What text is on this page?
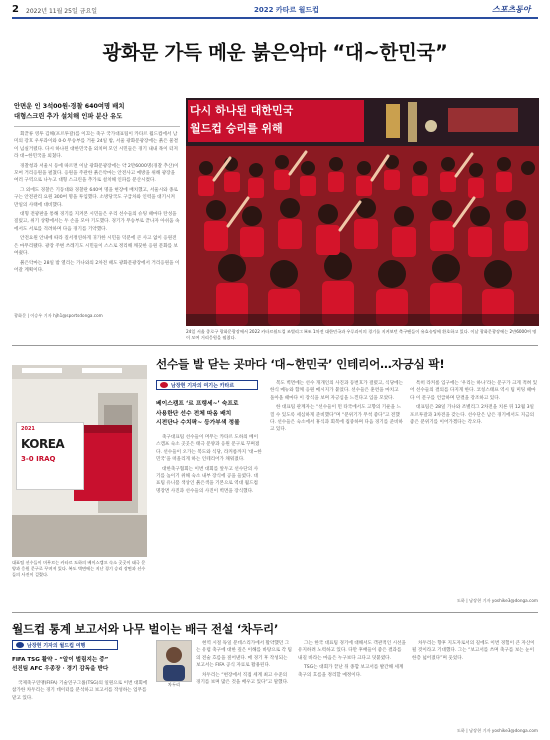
2 2022년 11월 25일 금요일	2022 카타르 월드컵	스포츠동아
광화문 가득 메운 붉은악마 “대~한민국”
안면운 인 3석00원·경찰 640여명 배치
대형스크린 추가 설치해 인파 분산 유도

회끝류 영투 김해(포르투갈)를 이끄는 축구 국가대표팀이 카타르 월드컵에서 남미의 강호 우루과이와 0-0 무승부를 거둔 24일 밤, 서울 광화문광장에는 붉은 물결이 넘실거렸다. 다시 하나된 대한민국을 외치며 모인 시민들은 경기 내내 목이 터져라 대~한민국을 외쳤다.

경찰청과 서울시 등에 따르면 이날 광화문광장에는 약 2만6000명(경찰 추산)이 모여 거리응원을 펼쳤다. 응원을 주관한 붉은악마는 안전사고 예방을 위해 광장을 여러 구역으로 나누고 대형 스크린을 추가로 설치해 인파를 분산시켰다.

그 외에도 경찰은 기동대와 경찰관 640여 명을 현장에 배치했고, 서울시와 종로구는 안전관리 요원 300여 명을 투입했다. 소방당국도 구급차와 인력을 대기시켜 만일의 사태에 대비했다.

대형 전광판을 통해 경기를 지켜본 시민들은 우리 선수들의 슈팅 때마다 탄성을 질렀고, 위기 상황에서는 두 손을 모아 기도했다. 경기가 무승부로 끝나자 아쉬움 속에서도 서로를 격려하며 다음 경기를 기약했다.

안전요원 안내에 따라 질서정연하게 귀가한 시민들 덕분에 큰 사고 없이 응원전은 마무리됐다. 광장 주변 쓰레기도 시민들이 스스로 정리해 깨끗한 응원 문화를 보여줬다.

붉은악마는 28일 밤 열리는 가나와의 2차전 때도 광화문광장에서 거리응원을 이어갈 계획이다.

광화문 | 이승우 기자 hjh1@sportsdonga.com
다시 하나된 대한민국
월드컵 승리를 위해
24일 서울 종로구 광화문광장에서 2022 카타르월드컵 조별리그 H조 1차전 대한민국과 우루과이의 경기를 지켜보던 축구팬들이 유효슈팅에 환호하고 있다. 이날 광화문광장에는 2만6000여 명이 모여 거리응원을 펼쳤다.
2021
KOREA
3-0 IRAQ
대표팀 선수들이 머무르는 카타르 도하의 베이스캠프 숙소 곳곳이 태극 문양과 응원 문구로 꾸며져 있다. 복도 벽면에는 지난 경기 승리 장면과 선수들의 사진이 걸렸다.
선수들 발 닫는 곳마다 ‘대~한민국’ 인테리어…자긍심 팍!
남장현 기자의 여기는 카타르
베이스캠프 ‘르 프랭세~’ 숙프로
사용한단 선수 전체 따옴 배치
시전단나 수치팍~ 등가부색 정볼

축구대표팀 선수들이 머무는 카타르 도하의 베이스캠프 숙소 곳곳은 태극 문양과 응원 문구로 꾸며졌다. 선수들이 오가는 복도와 식당, 라커룸까지 ‘대~한민국’을 떠올리게 하는 인테리어가 채워졌다.

대한축구협회는 이번 대회를 앞두고 선수단의 사기를 높이기 위해 숙소 내부 장식에 공을 들였다. 대표팀 유니폼 색상인 붉은색을 기본으로 역대 월드컵 명장면 사진과 선수들의 사진이 벽면을 장식했다.

복도 벽면에는 선수 개개인의 사진과 등번호가 걸렸고, 식당에는 한식 메뉴와 함께 응원 메시지가 붙었다. 선수들은 훈련을 마치고 돌아올 때마다 이 장식을 보며 자긍심을 느낀다고 입을 모았다.

한 대표팀 관계자는 “선수들이 먼 타국에서도 고향의 기운을 느낄 수 있도록 세심하게 준비했다”며 “분위기가 무척 좋다”고 전했다. 선수들은 숙소에서 휴식과 회복에 집중하며 다음 경기를 준비하고 있다.

특히 라커룸 입구에는 ‘우리는 하나’라는 문구가 크게 적혀 있어 선수들의 결의를 다지게 한다. 코칭스태프 역시 팀 미팅 때마다 이 문구를 언급하며 단결을 강조하고 있다.

대표팀은 28일 가나와 조별리그 2차전을 치른 뒤 12월 3일 포르투갈과 3차전을 갖는다. 선수단은 남은 경기에서도 지금의 좋은 분위기를 이어가겠다는 각오다.

도하 | 남장현 기자 yoshike3@donga.com
월드컵 통계 보고서와 나무 벌이는 배극 전설 ‘차두리’
남장현 기자의 월드컵 여행
FIFA TSG 활약 – “알이 벌림지는 중”
선진팀 AFC 우종장 · 경기 감독을 받다

국제축구연맹(FIFA) 기술연구그룹(TSG)의 일원으로 이번 대회에 참가한 차두리는 경기 데이터를 분석하고 보고서를 작성하는 업무를 맡고 있다.

차두리

현역 시절 독일 분데스리가에서 활약했던 그는 유럽 축구에 대한 깊은 이해를 바탕으로 각 팀의 전술 흐름을 짚어낸다. 매 경기 후 작성되는 보고서는 FIFA 공식 자료로 활용된다.

차두리는 “현장에서 직접 세계 최고 수준의 경기를 보며 많은 것을 배우고 있다”고 말했다.

그는 한국 대표팀 경기에 대해서도 객관적인 시선을 유지하려 노력하고 있다. 다만 후배들이 좋은 결과를 내길 바라는 마음은 누구보다 크다고 덧붙였다.

TSG는 대회가 끝난 뒤 종합 보고서를 발간해 세계 축구의 흐름을 정리할 예정이다.

차두리는 향후 지도자로서의 길에도 이번 경험이 큰 자산이 될 것이라고 기대했다. 그는 “보고서를 쓰며 축구를 보는 눈이 한층 넓어졌다”며 웃었다.

도하 | 남장현 기자 yoshike3@donga.com
